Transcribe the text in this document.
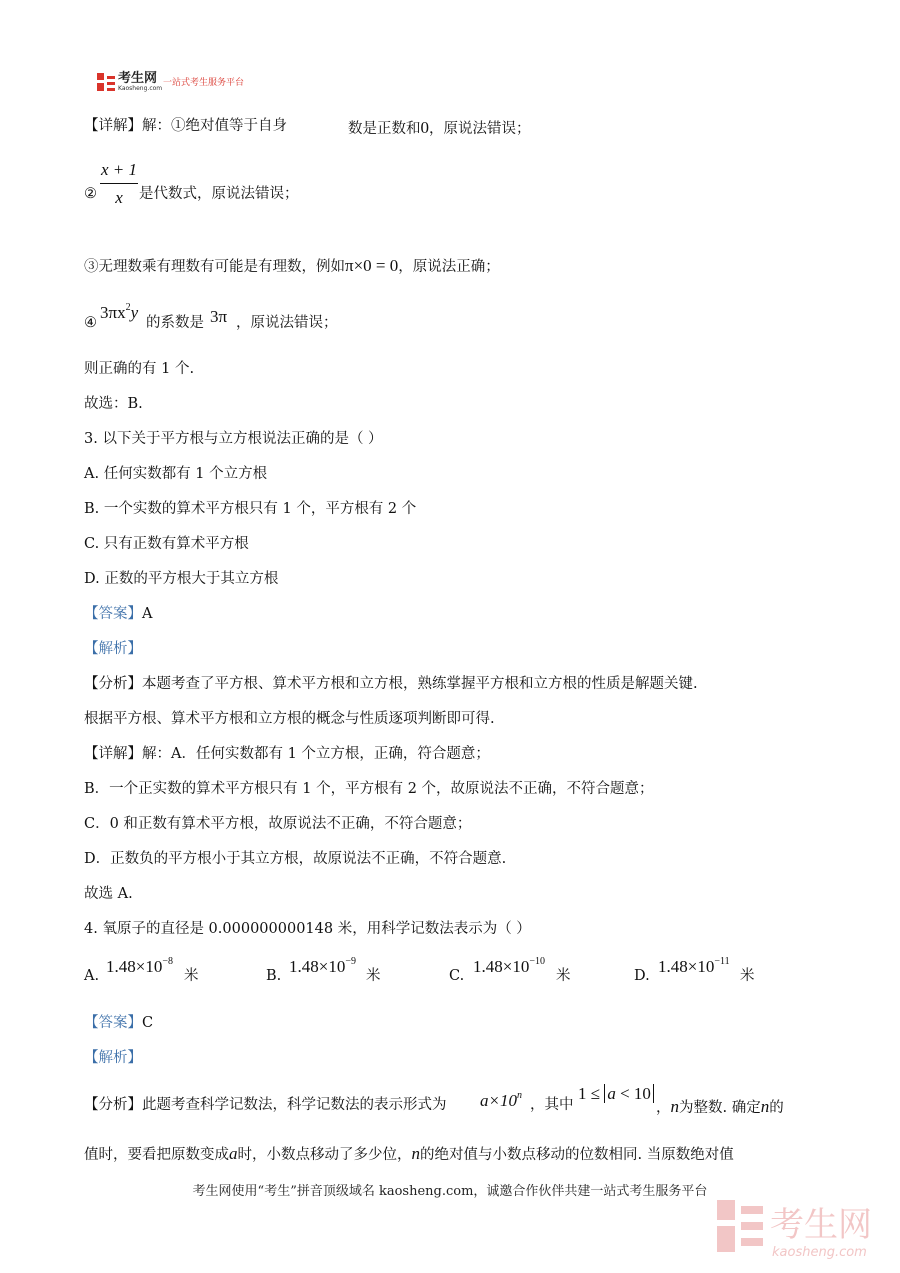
考生网
Kaosheng.com
一站式考生服务平台
【详解】解：①绝对值等于自身	数是正数和0，原说法错误；
② $\frac{x + 1}{x}$ 是代数式，原说法错误；
③无理数乘有理数有可能是有理数，例如π×0 = 0，原说法正确；
④
$3\pi x^2y$
的系数是 3π ，原说法错误；
则正确的有 1 个.
故选：B.
3. 以下关于平方根与立方根说法正确的是（ ）
A. 任何实数都有 1 个立方根
B. 一个实数的算术平方根只有 1 个，平方根有 2 个
C. 只有正数有算术平方根
D. 正数的平方根大于其立方根
【答案】A
【解析】
【分析】本题考查了平方根、算术平方根和立方根，熟练掌握平方根和立方根的性质是解题关键.
根据平方根、算术平方根和立方根的概念与性质逐项判断即可得.
【详解】解：A．任何实数都有 1 个立方根，正确，符合题意；
B．一个正实数的算术平方根只有 1 个，平方根有 2 个，故原说法不正确，不符合题意；
C．0 和正数有算术平方根，故原说法不正确，不符合题意；
D．正数负的平方根小于其立方根，故原说法不正确，不符合题意.
故选 A.
4. 氧原子的直径是 0.000000000148 米，用科学记数法表示为（ ）
A. $1.48\times 10^{-8}$
米	B. $1.48\times 10^{-9}$
米	C. $1.48\times 10^{-10}$
米	D. $1.48\times 10^{-11}$
米
【答案】C
【解析】
【分析】此题考查科学记数法，科学记数法的表示形式为 $a\times 10^n$
，其中
1 ≤ a < 10
，n为整数. 确定n的
值时，要看把原数变成a时，小数点移动了多少位，n的绝对值与小数点移动的位数相同. 当原数绝对值
考生网使用“考生”拼音顶级域名 kaosheng.com，诚邀合作伙伴共建一站式考生服务平台
考生网
kaosheng.com
